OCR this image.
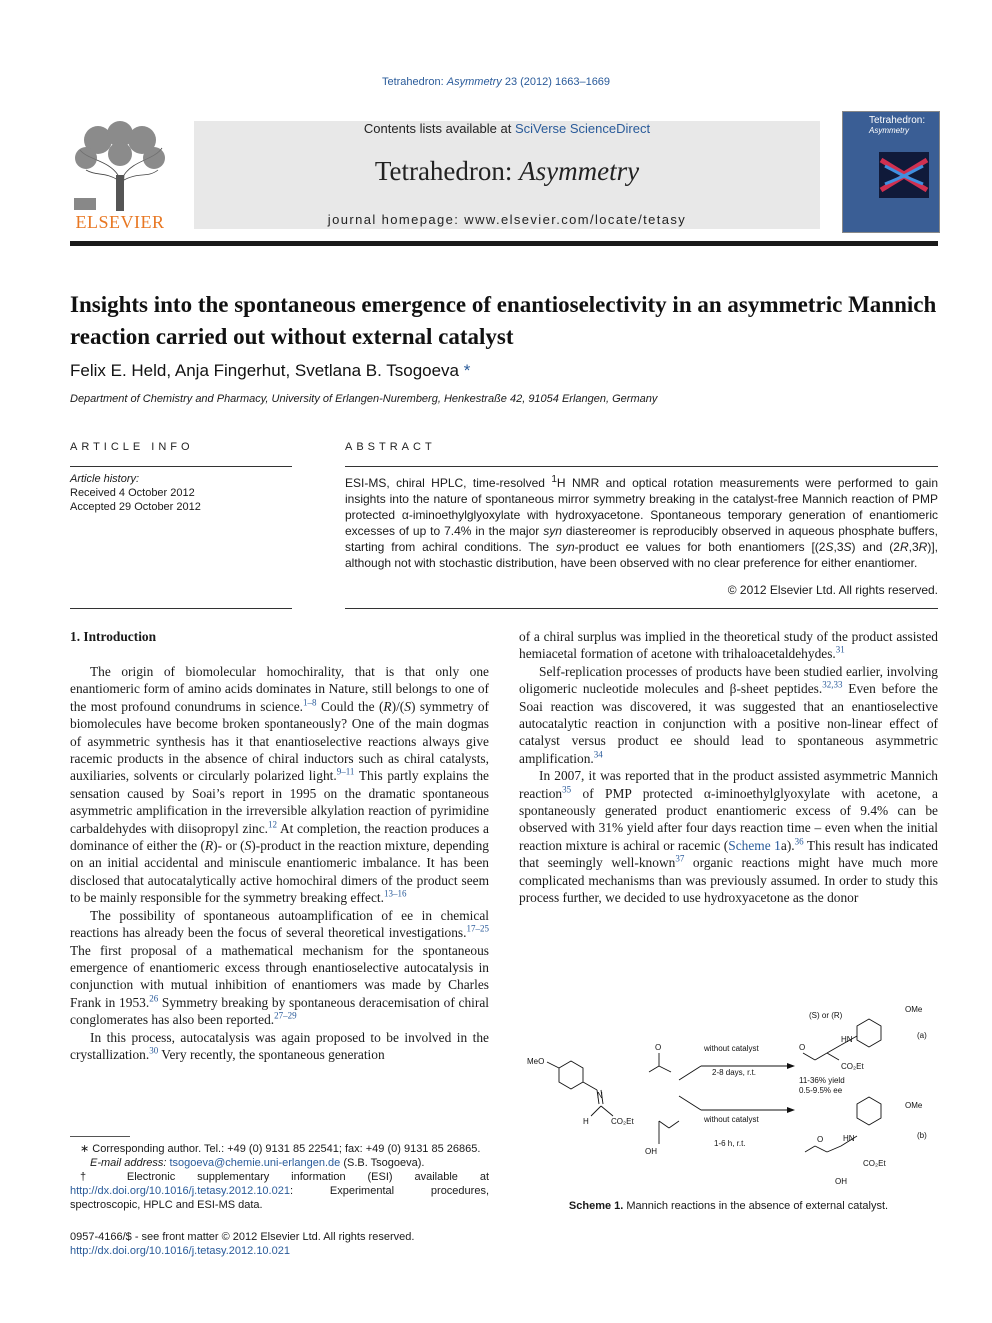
Tetrahedron: Asymmetry 23 (2012) 1663–1669
ELSEVIER
Contents lists available at SciVerse ScienceDirect
Tetrahedron: Asymmetry
journal homepage: www.elsevier.com/locate/tetasy
Tetrahedron:
Asymmetry
Insights into the spontaneous emergence of enantioselectivity in an asymmetric Mannich reaction carried out without external catalyst
Felix E. Held, Anja Fingerhut, Svetlana B. Tsogoeva *
Department of Chemistry and Pharmacy, University of Erlangen-Nuremberg, Henkestraße 42, 91054 Erlangen, Germany
ARTICLE INFO
Article history:
Received 4 October 2012
Accepted 29 October 2012
ABSTRACT
ESI-MS, chiral HPLC, time-resolved $^1$H NMR and optical rotation measurements were performed to gain insights into the nature of spontaneous mirror symmetry breaking in the catalyst-free Mannich reaction of PMP protected α-iminoethylglyoxylate with hydroxyacetone. Spontaneous temporary generation of enantiomeric excesses of up to 7.4% in the major syn diastereomer is reproducibly observed in aqueous phosphate buffers, starting from achiral conditions. The syn-product ee values for both enantiomers [(2S,3S) and (2R,3R)], although not with stochastic distribution, have been observed with no clear preference for either enantiomer.
© 2012 Elsevier Ltd. All rights reserved.
1. Introduction

The origin of biomolecular homochirality, that is that only one enantiomeric form of amino acids dominates in Nature, still belongs to one of the most profound conundrums in science.$^{1-8}$ Could the (R)/(S) symmetry of biomolecules have become broken spontaneously? One of the main dogmas of asymmetric synthesis has it that enantioselective reactions always give racemic products in the absence of chiral inductors such as chiral catalysts, auxiliaries, solvents or circularly polarized light.$^{9-11}$ This partly explains the sensation caused by Soai’s report in 1995 on the dramatic spontaneous asymmetric amplification in the irreversible alkylation reaction of pyrimidine carbaldehydes with diisopropyl zinc.$^{12}$ At completion, the reaction produces a dominance of either the (R)- or (S)-product in the reaction mixture, depending on an initial accidental and miniscule enantiomeric imbalance. It has been disclosed that autocatalytically active homochiral dimers of the product seem to be mainly responsible for the symmetry breaking effect.$^{13-16}$

The possibility of spontaneous autoamplification of ee in chemical reactions has already been the focus of several theoretical investigations.$^{17-25}$ The first proposal of a mathematical mechanism for the spontaneous emergence of enantiomeric excess through enantioselective autocatalysis in conjunction with mutual inhibition of enantiomers was made by Charles Frank in 1953.26 Symmetry breaking by spontaneous deracemisation of chiral conglomerates has also been reported.$^{27-29}$

In this process, autocatalysis was again proposed to be involved in the crystallization.$^{30}$ Very recently, the spontaneous generation

of a chiral surplus was implied in the theoretical study of the product assisted hemiacetal formation of acetone with trihaloacetaldehydes.$^{31}$

Self-replication processes of products have been studied earlier, involving oligomeric nucleotide molecules and β-sheet peptides.$^{32,33}$ Even before the Soai reaction was discovered, it was suggested that an enantioselective autocatalytic reaction in conjunction with a positive non-linear effect of catalyst versus product ee should lead to spontaneous asymmetric amplification.$^{34}$

In 2007, it was reported that in the product assisted asymmetric Mannich reaction$^{35}$ of PMP protected α-iminoethylglyoxylate with acetone, a spontaneously generated product enantiomeric excess of 9.4% can be observed with 31% yield after four days reaction time – even when the initial reaction mixture is achiral or racemic (Scheme 1a).$^{36}$ This result has indicated that seemingly well-known$^{37}$ organic reactions might have much more complicated mechanisms than was previously assumed. In order to study this process further, we decided to use hydroxyacetone as the donor

MeO
N
H	CO₂Et
O
OH
without catalyst
2-8 days, r.t.
without catalyst
1-6 h, r.t.
(S) or (R)
OMe
(a)
O
HN
CO₂Et
11-36% yield
0.5-9.5% ee
OMe
(b)
O HN
CO₂Et
OH
Scheme 1. Mannich reactions in the absence of external catalyst.
∗ Corresponding author. Tel.: +49 (0) 9131 85 22541; fax: +49 (0) 9131 85 26865.
E-mail address: tsogoeva@chemie.uni-erlangen.de (S.B. Tsogoeva).
† Electronic supplementary information (ESI) available at http://dx.doi.org/10.1016/j.tetasy.2012.10.021: Experimental procedures, spectroscopic, HPLC and ESI-MS data.
0957-4166/$ - see front matter © 2012 Elsevier Ltd. All rights reserved.
http://dx.doi.org/10.1016/j.tetasy.2012.10.021
